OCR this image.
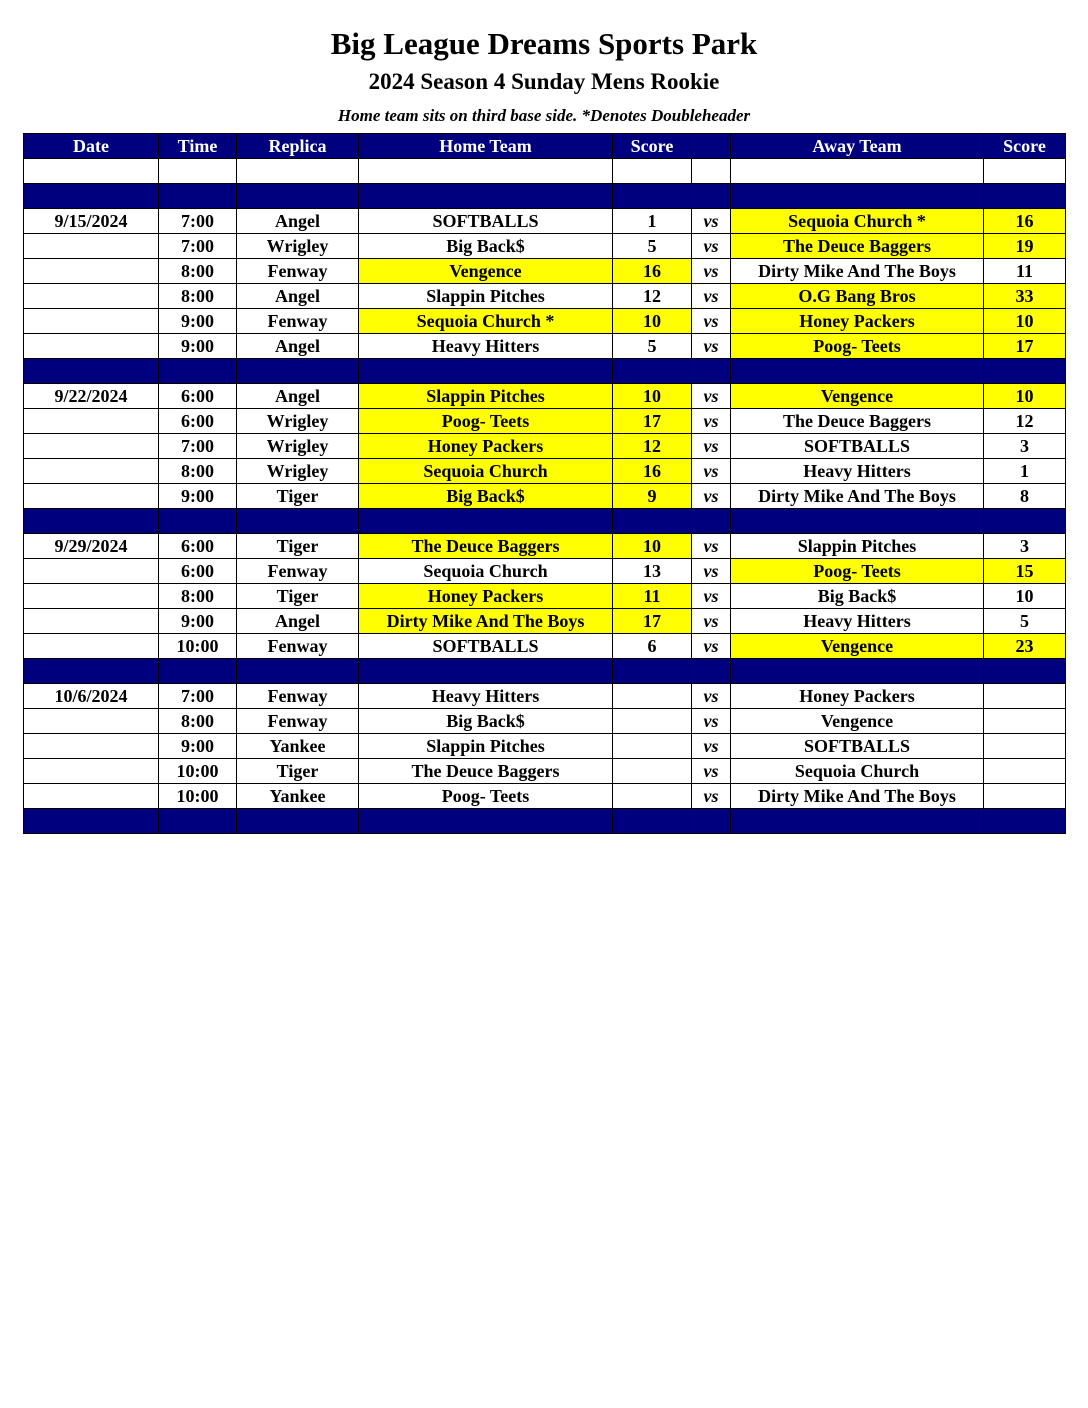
Big League Dreams Sports Park
2024 Season 4 Sunday Mens Rookie
Home team sits on third base side. *Denotes Doubleheader
Date	Time	Replica	Home Team	Score		Away Team	Score

9/15/2024	7:00	Angel	SOFTBALLS	1	vs	Sequoia Church *	16
	7:00	Wrigley	Big Back$	5	vs	The Deuce Baggers	19
	8:00	Fenway	Vengence	16	vs	Dirty Mike And The Boys	11
	8:00	Angel	Slappin Pitches	12	vs	O.G Bang Bros	33
	9:00	Fenway	Sequoia Church *	10	vs	Honey Packers	10
	9:00	Angel	Heavy Hitters	5	vs	Poog- Teets	17

9/22/2024	6:00	Angel	Slappin Pitches	10	vs	Vengence	10
	6:00	Wrigley	Poog- Teets	17	vs	The Deuce Baggers	12
	7:00	Wrigley	Honey Packers	12	vs	SOFTBALLS	3
	8:00	Wrigley	Sequoia Church	16	vs	Heavy Hitters	1
	9:00	Tiger	Big Back$	9	vs	Dirty Mike And The Boys	8

9/29/2024	6:00	Tiger	The Deuce Baggers	10	vs	Slappin Pitches	3
	6:00	Fenway	Sequoia Church	13	vs	Poog- Teets	15
	8:00	Tiger	Honey Packers	11	vs	Big Back$	10
	9:00	Angel	Dirty Mike And The Boys	17	vs	Heavy Hitters	5
	10:00	Fenway	SOFTBALLS	6	vs	Vengence	23

10/6/2024	7:00	Fenway	Heavy Hitters		vs	Honey Packers	
	8:00	Fenway	Big Back$		vs	Vengence	
	9:00	Yankee	Slappin Pitches		vs	SOFTBALLS	
	10:00	Tiger	The Deuce Baggers		vs	Sequoia Church	
	10:00	Yankee	Poog- Teets		vs	Dirty Mike And The Boys	
